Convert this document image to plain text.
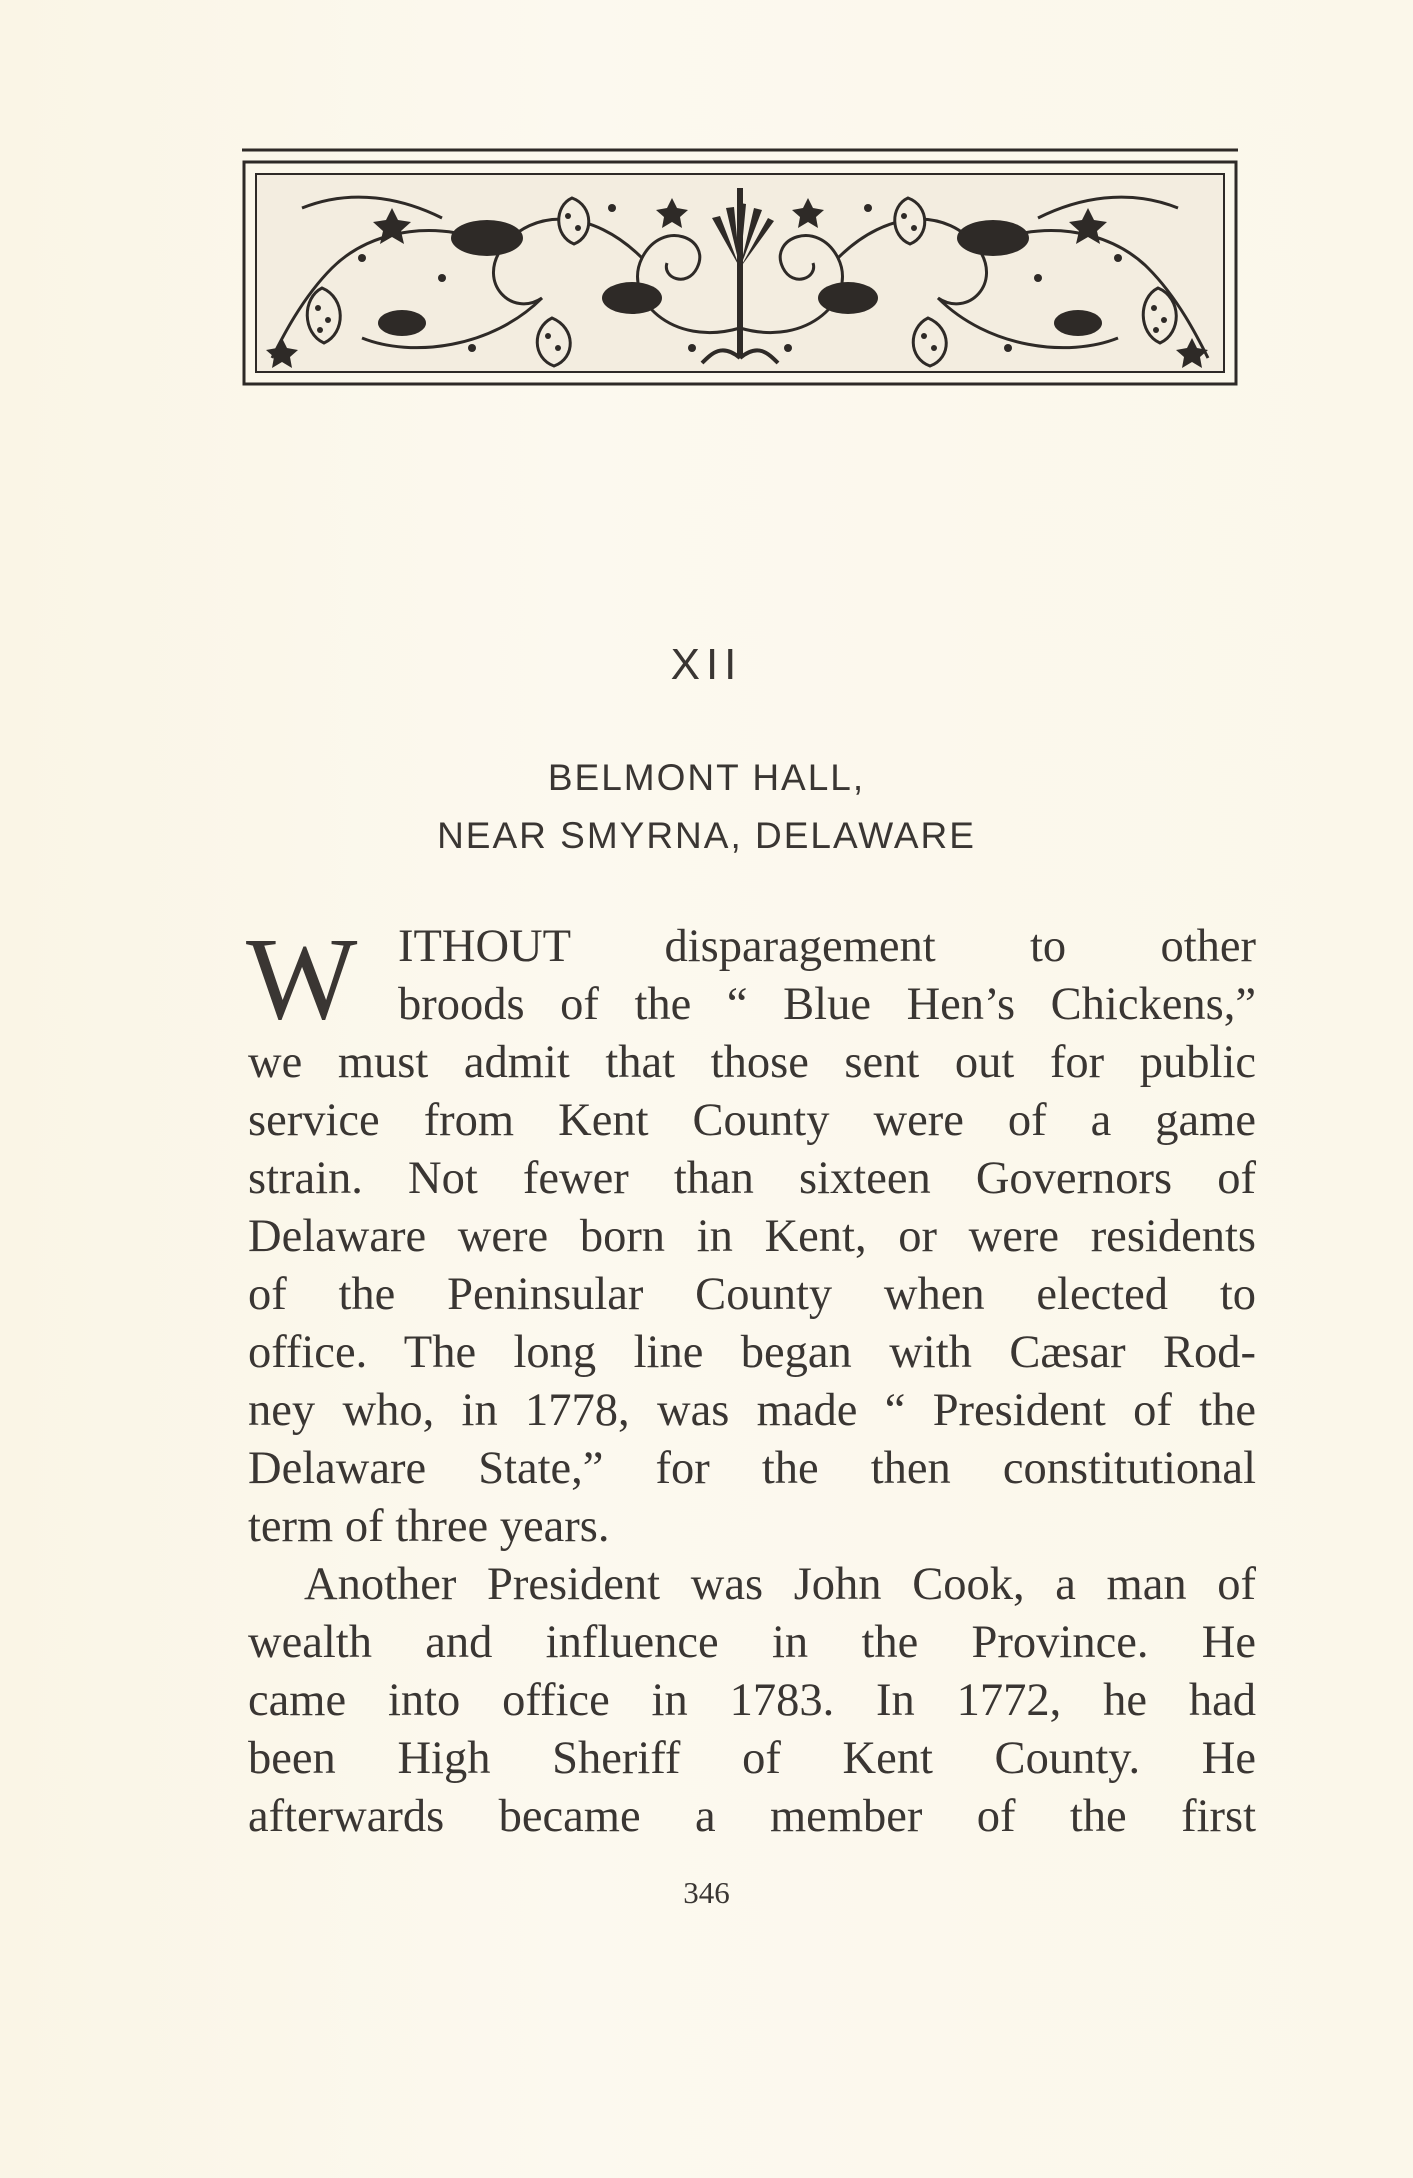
XII
BELMONT HALL,
NEAR SMYRNA, DELAWARE
W ITHOUT disparagement to other
broods of the “ Blue Hen’s Chickens,”
we must admit that those sent out for public
service from Kent County were of a game
strain. Not fewer than sixteen Governors of
Delaware were born in Kent, or were residents
of the Peninsular County when elected to
office. The long line began with Cæsar Rod-
ney who, in 1778, was made “ President of the
Delaware State,” for the then constitutional
term of three years.
Another President was John Cook, a man of
wealth and influence in the Province. He
came into office in 1783. In 1772, he had
been High Sheriff of Kent County. He
afterwards became a member of the first
346
